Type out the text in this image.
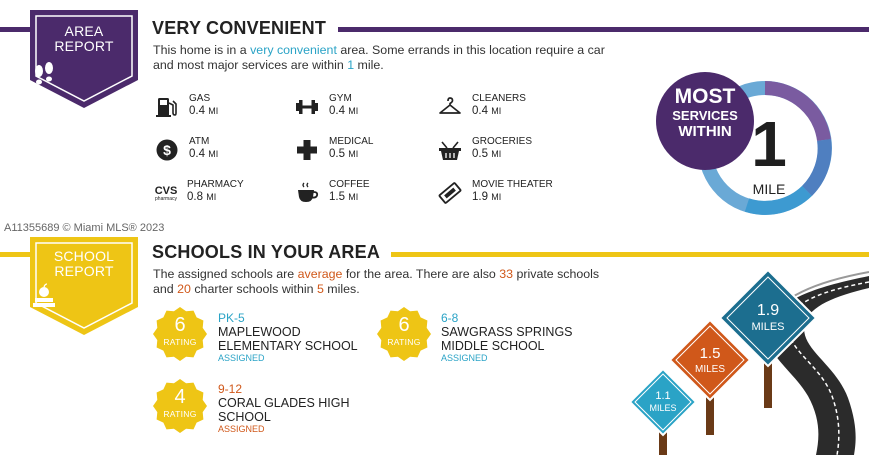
AREA
REPORT
VERY CONVENIENT
This home is in a very convenient area. Some errands in this location require a car and most major services are within 1 mile.
GAS
0.4 MI
GYM
0.4 MI
CLEANERS
0.4 MI
$
ATM
0.4 MI
MEDICAL
0.5 MI
GROCERIES
0.5 MI
CVS
pharmacy
PHARMACY
0.8 MI
COFFEE
1.5 MI
MOVIE THEATER
1.9 MI
MOST
SERVICES
WITHIN 1
MILE
A11355689 © Miami MLS® 2023
SCHOOL
REPORT
SCHOOLS IN YOUR AREA
The assigned schools are average for the area. There are also 33 private schools and 20 charter schools within 5 miles.
6
RATING
PK-5
MAPLEWOOD
ELEMENTARY SCHOOL
ASSIGNED
6
RATING
6-8
SAWGRASS SPRINGS
MIDDLE SCHOOL
ASSIGNED
4
RATING
9-12
CORAL GLADES HIGH
SCHOOL
ASSIGNED
1.1
MILES
1.5
MILES
1.9
MILES
